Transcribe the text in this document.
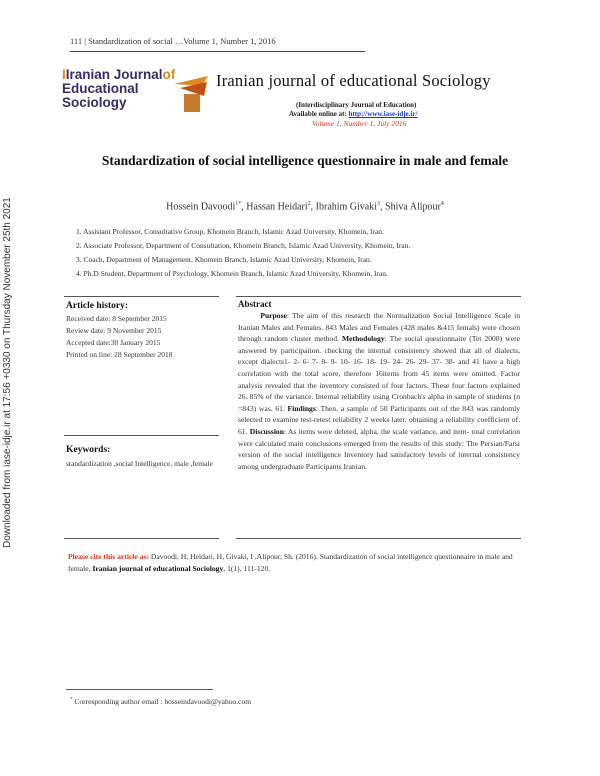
111 | Standardization of social …Volume 1, Number 1, 2016
IIranian Journalof
Educational
Sociology
Iranian journal of educational Sociology
(Interdisciplinary Journal of Education)
Available online at: http://www.iase-idje.ir/
Volume 1, Number 1, July 2016
Standardization of social intelligence questionnaire in male and female
Hossein Davoodi$^{1*}$, Hassan Heidari$^2$, Ibrahim Givaki$^3$, Shiva Alipour$^4$
1. Assistant Professor, Consultative Group, Khomein Branch, Islamic Azad University, Khomein, Iran.
2. Associate Professor, Department of Consultation, Khomein Branch, Islamic Azad University, Khomein, Iran.
3. Coach, Department of Management, Khomein Branch, Islamic Azad University, Khomein, Iran.
4. Ph.D Student, Department of Psychology, Khomein Branch, Islamic Azad University, Khomein, Iran.
Downloaded from iase-idje.ir at 17:56 +0330 on Thursday November 25th 2021	Article history:
Received date: 8 September 2015
Review date: 9 November 2015
Accepted date:30 January 2015
Printed on line: 28 September 2018
Keywords:
standardization ,social Intelligence, male ,female
Abstract

Purpose: The aim of this research the Normalization Social Intelligence Scale in Iranian Males and Females. 843 Males and Females (428 males &415 femals) were chosen through random cluster method. Methodology: The social questionnaire (Tet 2008) were answered by participation. checking the internal consistency showed that all of dialects, except dialects1- 2- 6- 7- 8- 9- 10- 16- 18- 19- 24- 26- 29- 37- 38- and 41 have a high correlation with the total score, therefore 16items from 45 items were omitted. Factor analysis revealed that the inventory consisted of four factors. These four factors explained 26. 85% of the variance. Internal reliability using Cronbach's alpha in sample of students (n =843) was. 61. Findings: Then, a sample of 50 Participants out of the 843 was randomly selected to examine test-retest reliability 2 weeks later, obtaining a reliability coefficient of. 61. Discussion: As items were deleted, alpha, the scale variance, and item- total correlation were calculated main conclusions emerged from the results of this study: The Persian/Farsi version of the social intelligence Inventory had satisfactory levels of internal consistency among undergraduate Participants Iranian.

Please cite this article as: Davoodi, H, Heidari, H, Givaki, I ,Alipour, Sh. (2016). Standardization of social intelligence questionnaire in male and female, Iranian journal of educational Sociology, 1(1), 111-120.
* Corresponding author email : hosseindavoodi@yahoo.com
